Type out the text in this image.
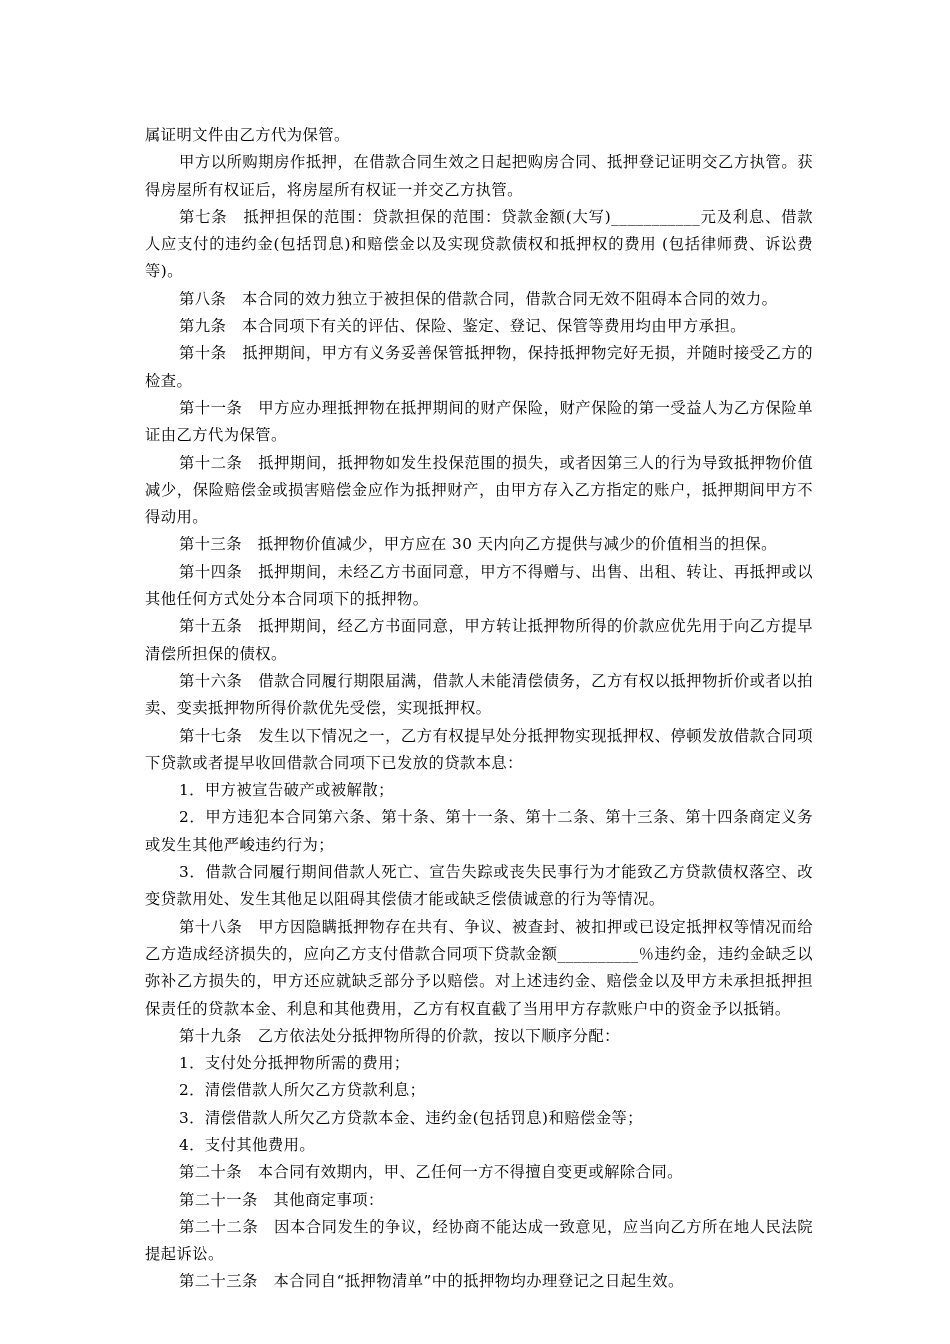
属证明文件由乙方代为保管。

甲方以所购期房作抵押，在借款合同生效之日起把购房合同、抵押登记证明交乙方执管。获得房屋所有权证后，将房屋所有权证一并交乙方执管。

第七条　抵押担保的范围：贷款担保的范围：贷款金额(大写)___________元及利息、借款人应支付的违约金(包括罚息)和赔偿金以及实现贷款债权和抵押权的费用 (包括律师费、诉讼费等)。

第八条　本合同的效力独立于被担保的借款合同，借款合同无效不阻碍本合同的效力。

第九条　本合同项下有关的评估、保险、鉴定、登记、保管等费用均由甲方承担。

第十条　抵押期间，甲方有义务妥善保管抵押物，保持抵押物完好无损，并随时接受乙方的检查。

第十一条　甲方应办理抵押物在抵押期间的财产保险，财产保险的第一受益人为乙方保险单证由乙方代为保管。

第十二条　抵押期间，抵押物如发生投保范围的损失，或者因第三人的行为导致抵押物价值减少，保险赔偿金或损害赔偿金应作为抵押财产，由甲方存入乙方指定的账户，抵押期间甲方不得动用。

第十三条　抵押物价值减少，甲方应在 30 天内向乙方提供与减少的价值相当的担保。

第十四条　抵押期间，未经乙方书面同意，甲方不得赠与、出售、出租、转让、再抵押或以其他任何方式处分本合同项下的抵押物。

第十五条　抵押期间，经乙方书面同意，甲方转让抵押物所得的价款应优先用于向乙方提早清偿所担保的债权。

第十六条　借款合同履行期限届满，借款人未能清偿债务，乙方有权以抵押物折价或者以拍卖、变卖抵押物所得价款优先受偿，实现抵押权。

第十七条　发生以下情况之一，乙方有权提早处分抵押物实现抵押权、停顿发放借款合同项下贷款或者提早收回借款合同项下已发放的贷款本息：

1．甲方被宣告破产或被解散；

2．甲方违犯本合同第六条、第十条、第十一条、第十二条、第十三条、第十四条商定义务或发生其他严峻违约行为；

3．借款合同履行期间借款人死亡、宣告失踪或丧失民事行为才能致乙方贷款债权落空、改变贷款用处、发生其他足以阻碍其偿债才能或缺乏偿债诚意的行为等情况。

第十八条　甲方因隐瞒抵押物存在共有、争议、被查封、被扣押或已设定抵押权等情况而给乙方造成经济损失的，应向乙方支付借款合同项下贷款金额__________％违约金，违约金缺乏以弥补乙方损失的，甲方还应就缺乏部分予以赔偿。对上述违约金、赔偿金以及甲方未承担抵押担保责任的贷款本金、利息和其他费用，乙方有权直截了当用甲方存款账户中的资金予以抵销。

第十九条　乙方依法处分抵押物所得的价款，按以下顺序分配：

1．支付处分抵押物所需的费用；

2．清偿借款人所欠乙方贷款利息；

3．清偿借款人所欠乙方贷款本金、违约金(包括罚息)和赔偿金等；

4．支付其他费用。

第二十条　本合同有效期内，甲、乙任何一方不得擅自变更或解除合同。

第二十一条　其他商定事项：

第二十二条　因本合同发生的争议，经协商不能达成一致意见，应当向乙方所在地人民法院提起诉讼。

第二十三条　本合同自“抵押物清单”中的抵押物均办理登记之日起生效。
